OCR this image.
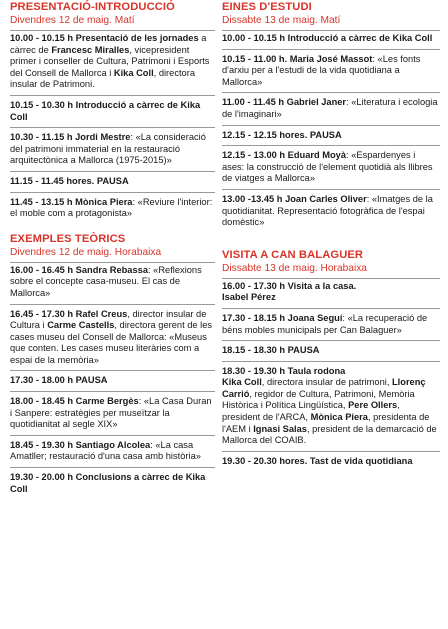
PRESENTACIÓ-INTRODUCCIÓ
Divendres 12 de maig. Matí
10.00 - 10.15 h Presentació de les jornades a càrrec de Francesc Miralles, vicepresident primer i conseller de Cultura, Patrimoni i Esports del Consell de Mallorca i Kika Coll, directora insular de Patrimoni.
10.15 - 10.30 h Introducció a càrrec de Kika Coll
10.30 - 11.15 h Jordi Mestre: «La consideració del patrimoni immaterial en la restauració arquitectònica a Mallorca (1975-2015)»
11.15 - 11.45 hores. PAUSA
11.45 - 13.15 h Mònica Piera: «Reviure l'interior: el moble com a protagonista»
EXEMPLES TEÒRICS
Divendres 12 de maig. Horabaixa
16.00 - 16.45 h Sandra Rebassa: «Reflexions sobre el concepte casa-museu. El cas de Mallorca»
16.45 - 17.30 h Rafel Creus, director insular de Cultura i Carme Castells, directora gerent de les cases museu del Consell de Mallorca: «Museus que conten. Les cases museu literàries com a espai de la memòria»
17.30 - 18.00 h PAUSA
18.00 - 18.45 h Carme Bergès: «La Casa Duran i Sanpere: estratègies per museïtzar la quotidianitat al segle XIX»
18.45 - 19.30 h Santiago Alcolea: «La casa Amatller; restauració d'una casa amb història»
19.30 - 20.00 h Conclusions a càrrec de Kika Coll
EINES D'ESTUDI
Dissabte 13 de maig. Matí
10.00 - 10.15 h Introducció a càrrec de Kika Coll
10.15 - 11.00 h. Maria José Massot: «Les fonts d'arxiu per a l'estudi de la vida quotidiana a Mallorca»
11.00 - 11.45 h Gabriel Janer: «Literatura i ecologia de l'imaginari»
12.15 - 12.15 hores. PAUSA
12.15 - 13.00 h Eduard Moyà: «Espardenyes i ases: la construcció de l'element quotidià als llibres de viatges a Mallorca»
13.00 -13.45 h Joan Carles Oliver: «Imatges de la quotidianitat. Representació fotogràfica de l'espai domèstic»
VISITA A CAN BALAGUER
Dissabte 13 de maig. Horabaixa
16.00 - 17.30 h Visita a la casa.
Isabel Pérez
17.30 - 18.15 h Joana Seguí: «La recuperació de béns mobles municipals per Can Balaguer»
18.15 - 18.30 h PAUSA
18.30 - 19.30 h Taula rodona
Kika Coll, directora insular de patrimoni, Llorenç Carrió, regidor de Cultura, Patrimoni, Memòria Històrica i Política Lingüística, Pere Ollers, president de l'ARCA, Mònica Piera, presidenta de l'AEM i Ignasi Salas, president de la demarcació de Mallorca del COAIB.
19.30 - 20.30 hores. Tast de vida quotidiana
